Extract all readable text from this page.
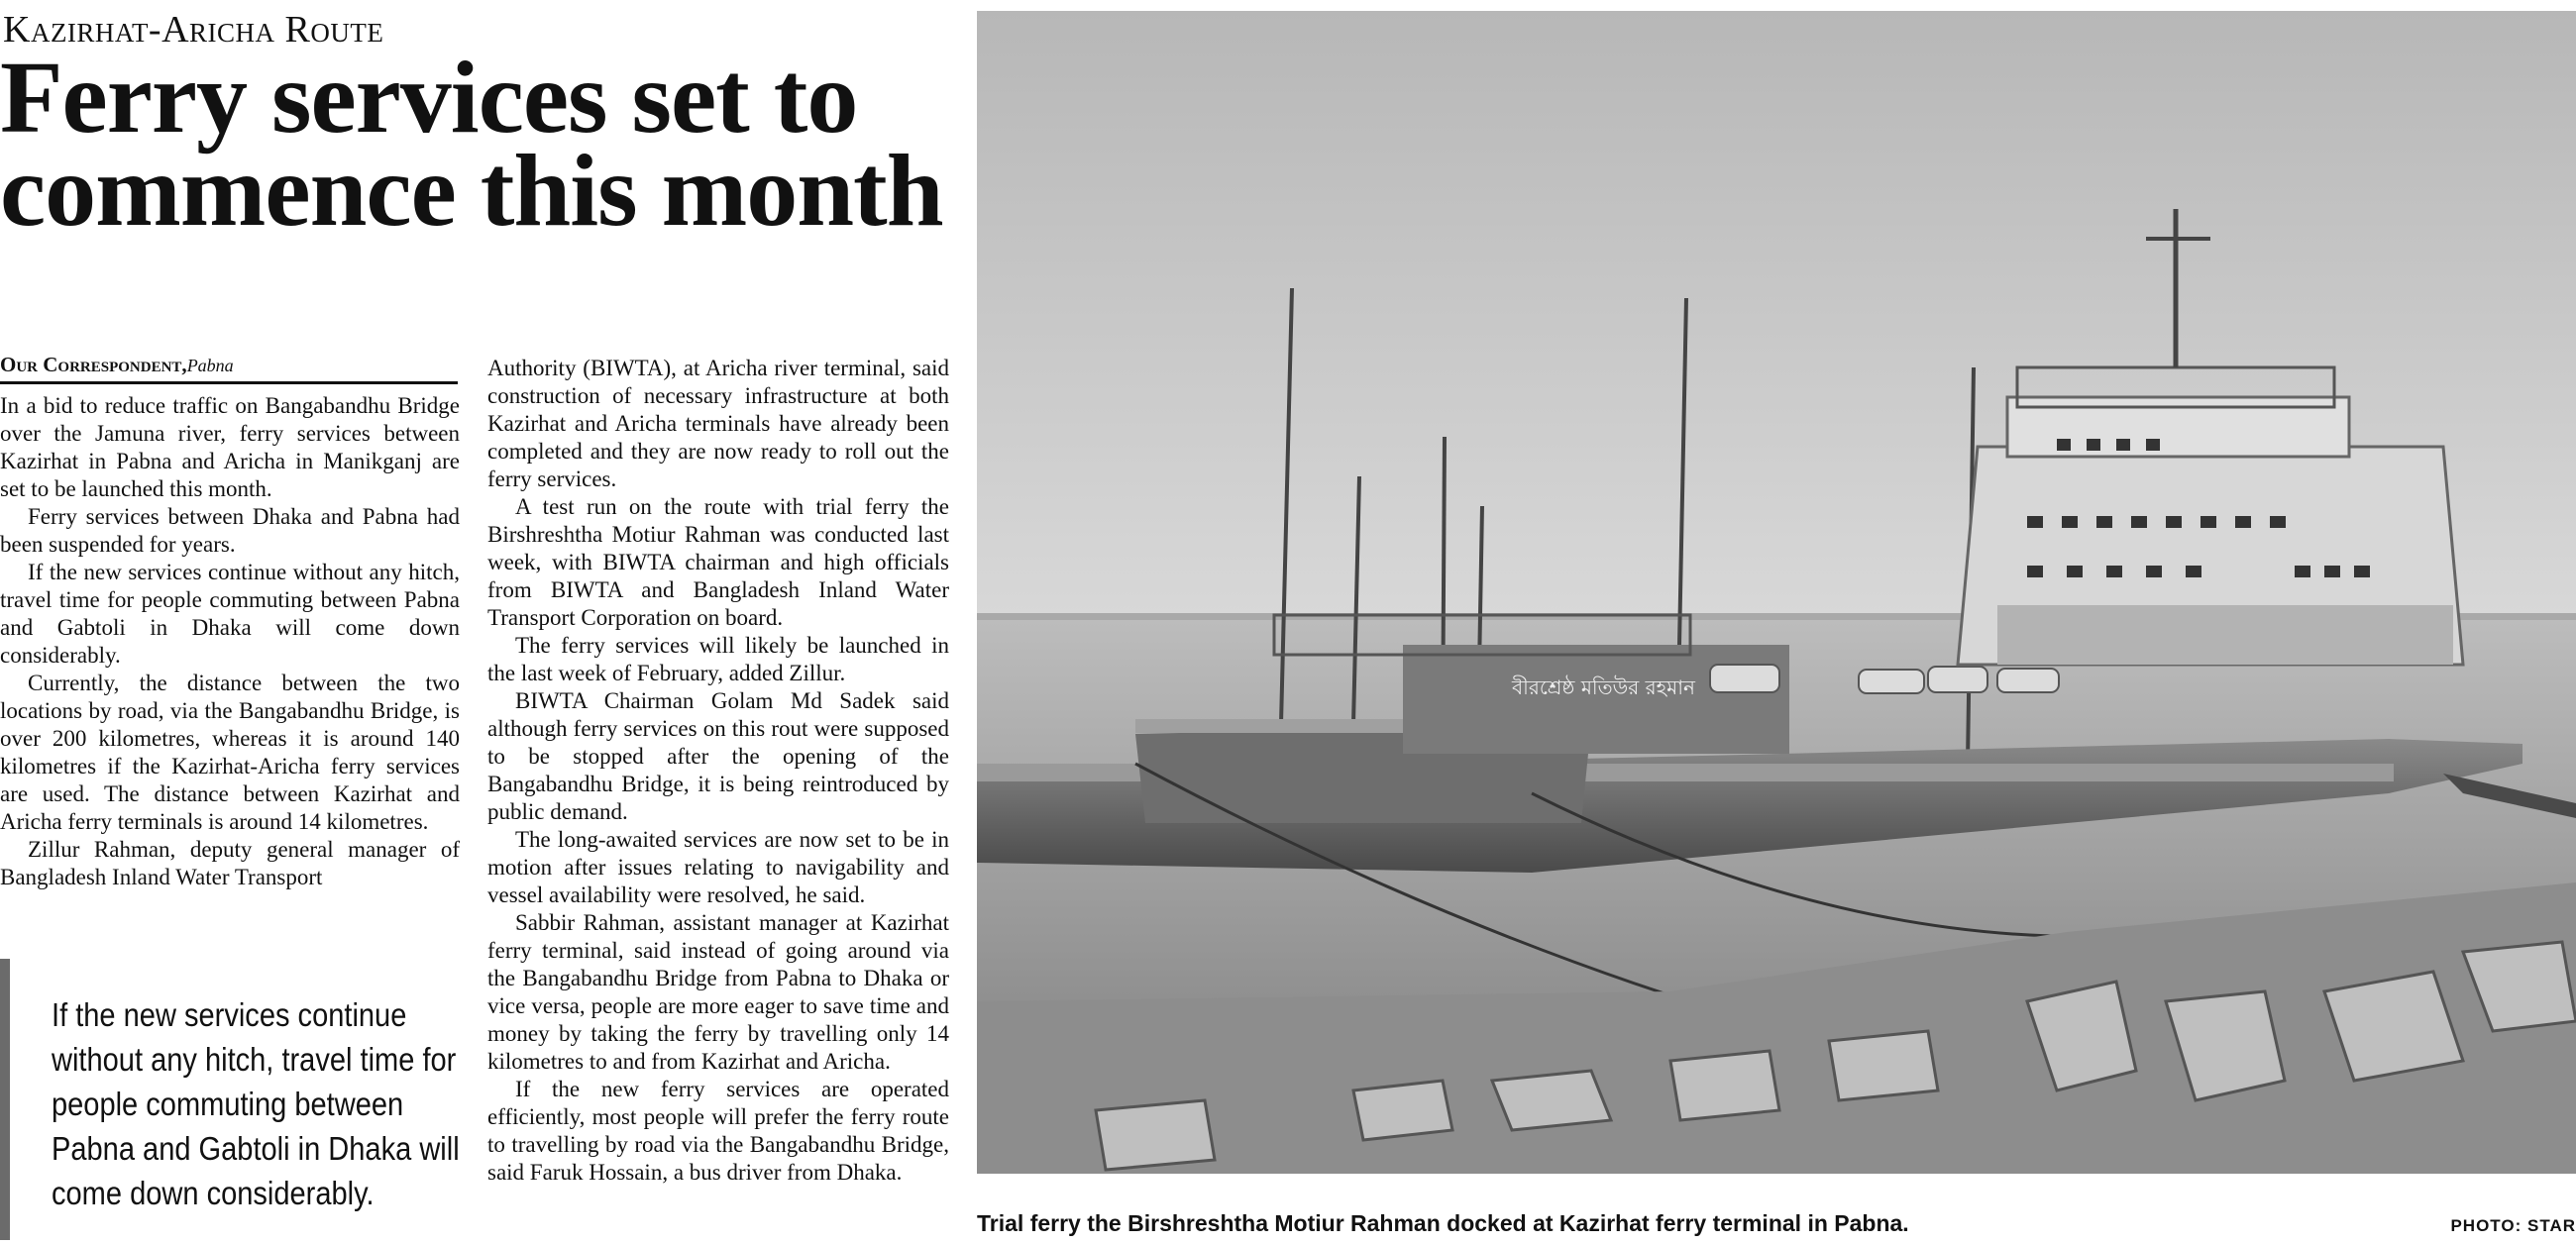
Kazirhat-Aricha Route
Ferry services set to commence this month
Our Correspondent,Pabna

In a bid to reduce traffic on Bangabandhu Bridge over the Jamuna river, ferry services between Kazirhat in Pabna and Aricha in Manikganj are set to be launched this month.

Ferry services between Dhaka and Pabna had been suspended for years.

If the new services continue without any hitch, travel time for people commuting between Pabna and Gabtoli in Dhaka will come down considerably.

Currently, the distance between the two locations by road, via the Bangabandhu Bridge, is over 200 kilometres, whereas it is around 140 kilometres if the Kazirhat-Aricha ferry services are used. The distance between Kazirhat and Aricha ferry terminals is around 14 kilometres.

Zillur Rahman, deputy general manager of Bangladesh Inland Water Transport

Authority (BIWTA), at Aricha river terminal, said construction of necessary infrastructure at both Kazirhat and Aricha terminals have already been completed and they are now ready to roll out the ferry services.

A test run on the route with trial ferry the Birshreshtha Motiur Rahman was conducted last week, with BIWTA chairman and high officials from BIWTA and Bangladesh Inland Water Transport Corporation on board.

The ferry services will likely be launched in the last week of February, added Zillur.

BIWTA Chairman Golam Md Sadek said although ferry services on this rout were supposed to be stopped after the opening of the Bangabandhu Bridge, it is being reintroduced by public demand.

The long-awaited services are now set to be in motion after issues relating to navigability and vessel availability were resolved, he said.

Sabbir Rahman, assistant manager at Kazirhat ferry terminal, said instead of going around via the Bangabandhu Bridge from Pabna to Dhaka or vice versa, people are more eager to save time and money by taking the ferry by travelling only 14 kilometres to and from Kazirhat and Aricha.

If the new ferry services are operated efficiently, most people will prefer the ferry route to travelling by road via the Bangabandhu Bridge, said Faruk Hossain, a bus driver from Dhaka.

If the new services continue without any hitch, travel time for people commuting between Pabna and Gabtoli in Dhaka will come down considerably.

বীরশ্রেষ্ঠ মতিউর রহমান
Trial ferry the Birshreshtha Motiur Rahman docked at Kazirhat ferry terminal in Pabna.	PHOTO: STAR
